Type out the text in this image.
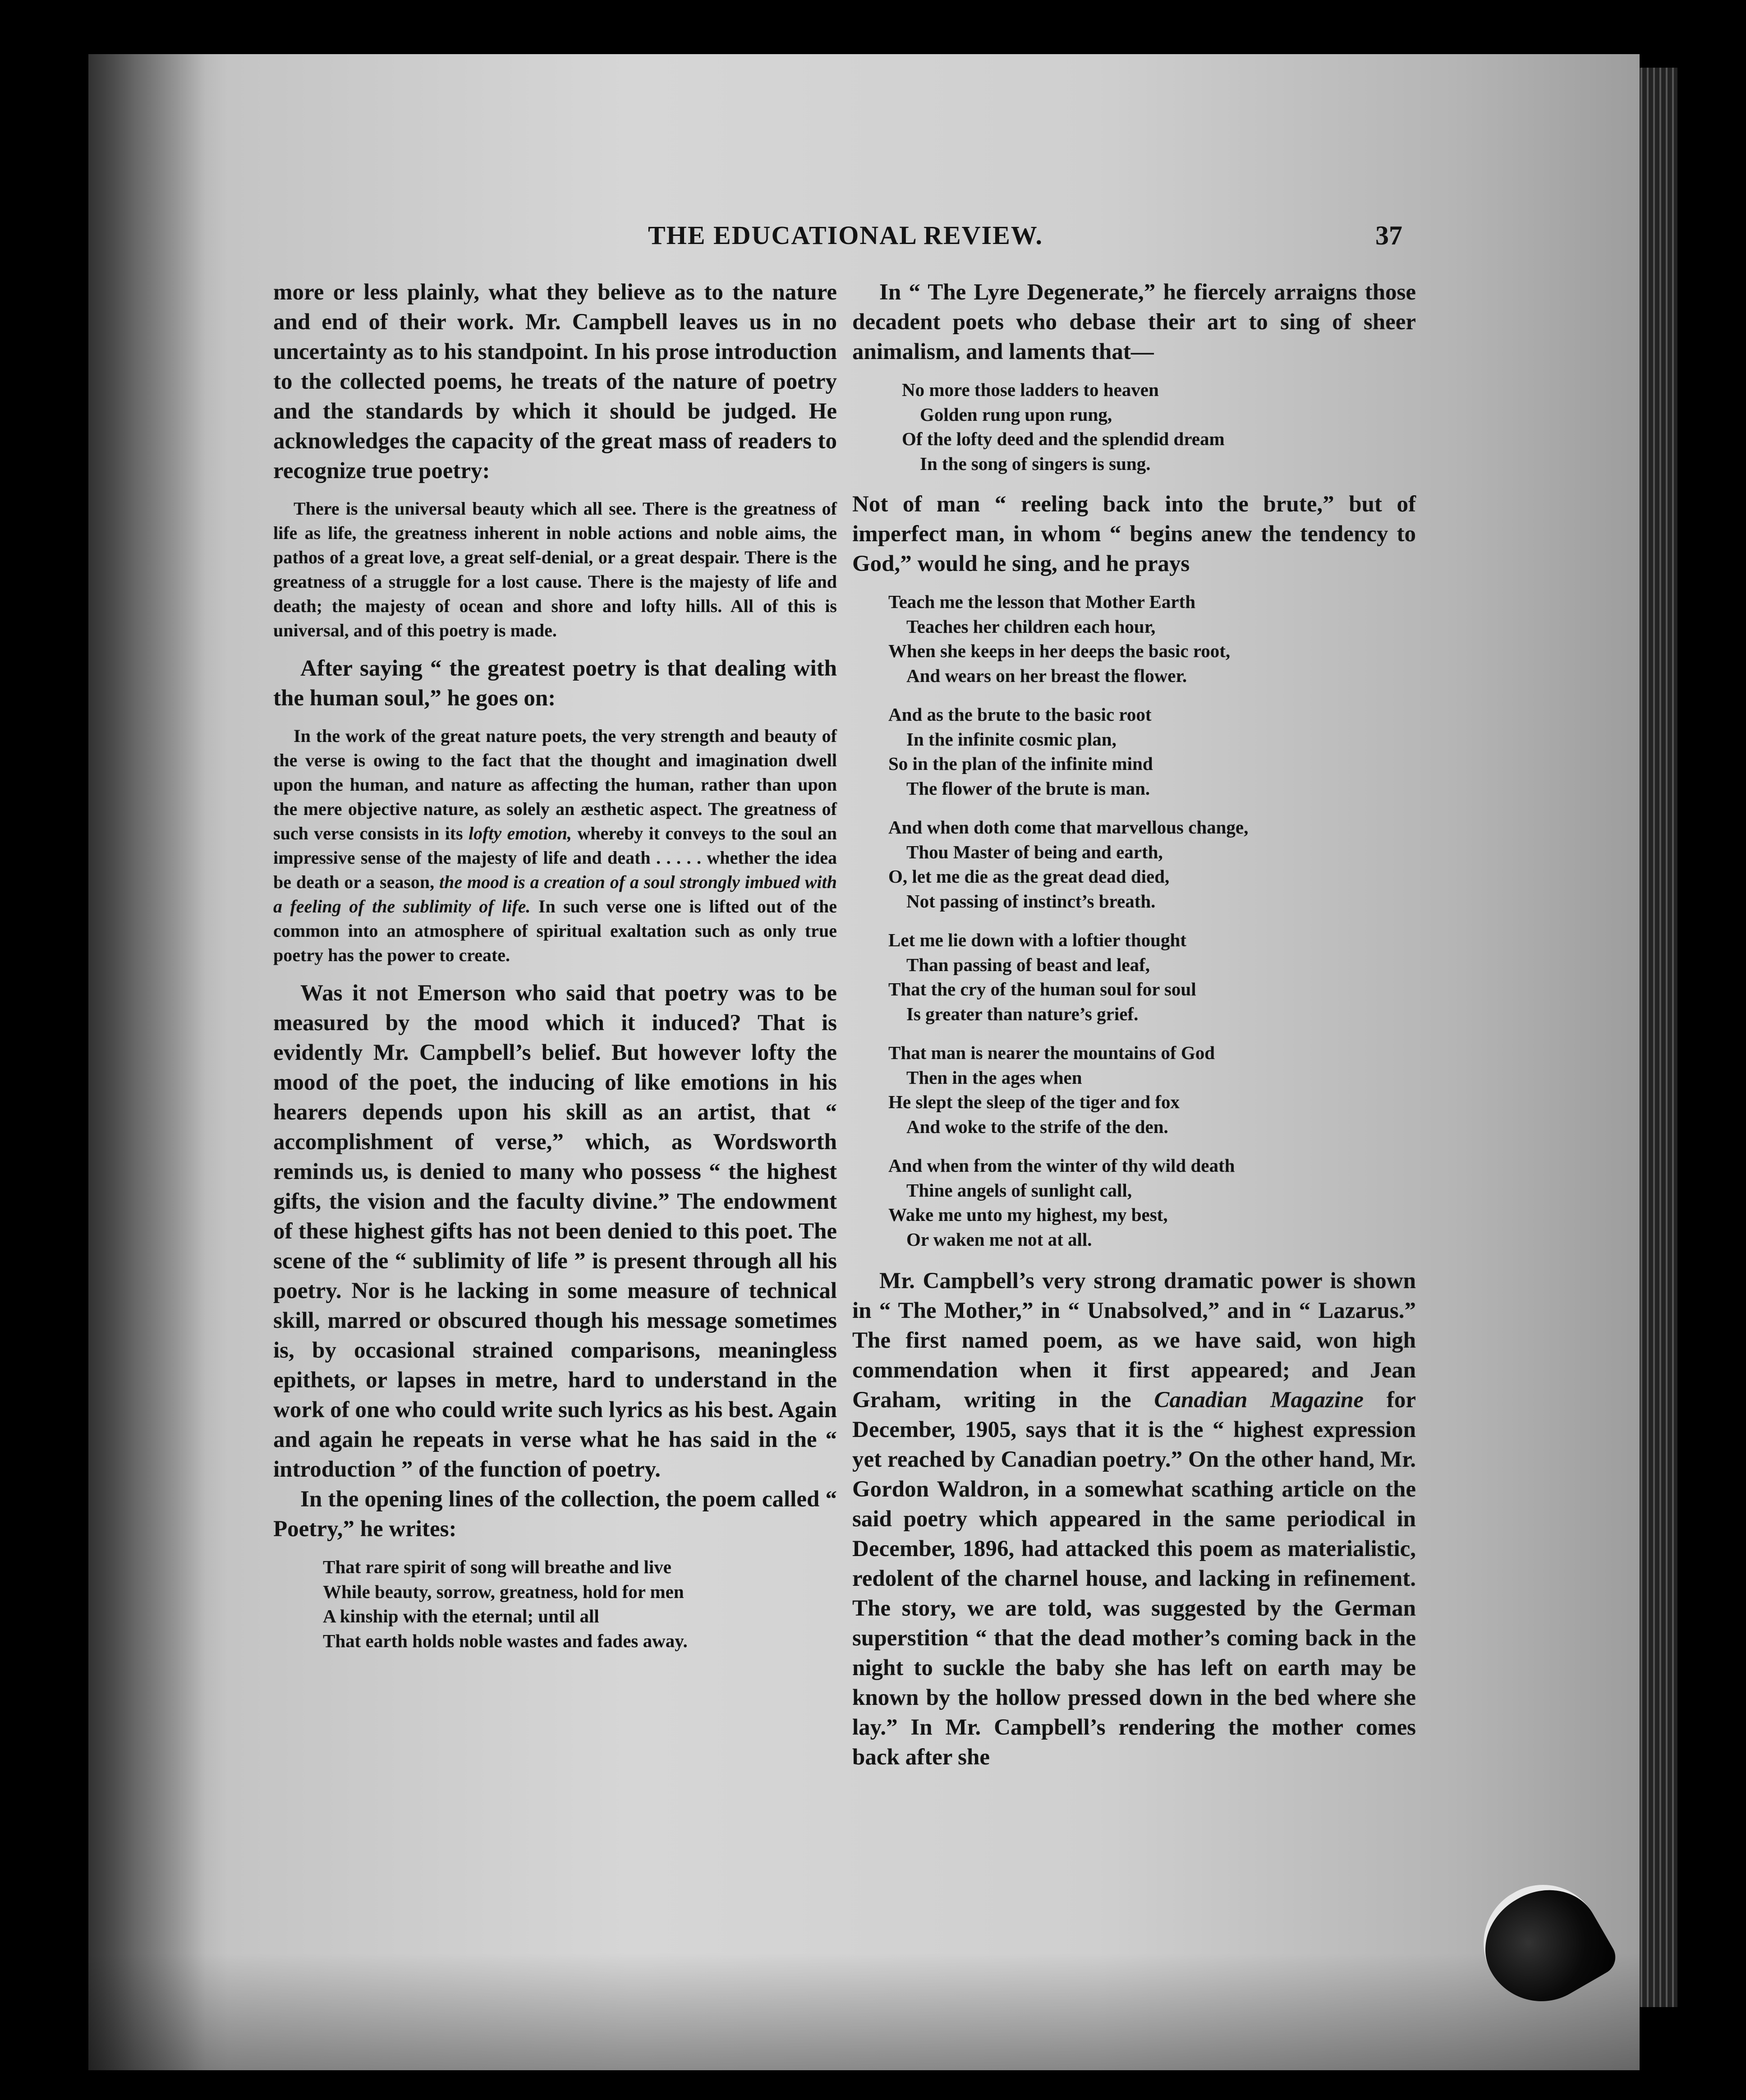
THE EDUCATIONAL REVIEW.	37

more or less plainly, what they believe as to the nature and end of their work. Mr. Campbell leaves us in no uncertainty as to his standpoint. In his prose introduction to the collected poems, he treats of the nature of poetry and the standards by which it should be judged. He acknowledges the capacity of the great mass of readers to recognize true poetry:

There is the universal beauty which all see. There is the greatness of life as life, the greatness inherent in noble actions and noble aims, the pathos of a great love, a great self-denial, or a great despair. There is the greatness of a struggle for a lost cause. There is the majesty of life and death; the majesty of ocean and shore and lofty hills. All of this is universal, and of this poetry is made.

After saying “ the greatest poetry is that dealing with the human soul,” he goes on:

In the work of the great nature poets, the very strength and beauty of the verse is owing to the fact that the thought and imagination dwell upon the human, and nature as affecting the human, rather than upon the mere objective nature, as solely an æsthetic aspect. The greatness of such verse consists in its lofty emotion, whereby it conveys to the soul an impressive sense of the majesty of life and death . . . . . whether the idea be death or a season, the mood is a creation of a soul strongly imbued with a feeling of the sublimity of life. In such verse one is lifted out of the common into an atmosphere of spiritual exaltation such as only true poetry has the power to create.

Was it not Emerson who said that poetry was to be measured by the mood which it induced? That is evidently Mr. Campbell’s belief. But however lofty the mood of the poet, the inducing of like emotions in his hearers depends upon his skill as an artist, that “ accomplishment of verse,” which, as Wordsworth reminds us, is denied to many who possess “ the highest gifts, the vision and the faculty divine.” The endowment of these highest gifts has not been denied to this poet. The scene of the “ sublimity of life ” is present through all his poetry. Nor is he lacking in some measure of technical skill, marred or obscured though his message sometimes is, by occasional strained comparisons, meaningless epithets, or lapses in metre, hard to understand in the work of one who could write such lyrics as his best. Again and again he repeats in verse what he has said in the “ introduction ” of the function of poetry.

In the opening lines of the collection, the poem called “ Poetry,” he writes:

That rare spirit of song will breathe and live
While beauty, sorrow, greatness, hold for men
A kinship with the eternal; until all
That earth holds noble wastes and fades away.

In “ The Lyre Degenerate,” he fiercely arraigns those decadent poets who debase their art to sing of sheer animalism, and laments that—

No more those ladders to heaven
Golden rung upon rung,
Of the lofty deed and the splendid dream
In the song of singers is sung.

Not of man “ reeling back into the brute,” but of imperfect man, in whom “ begins anew the tendency to God,” would he sing, and he prays

Teach me the lesson that Mother Earth
Teaches her children each hour,
When she keeps in her deeps the basic root,
And wears on her breast the flower.
And as the brute to the basic root
In the infinite cosmic plan,
So in the plan of the infinite mind
The flower of the brute is man.
And when doth come that marvellous change,
Thou Master of being and earth,
O, let me die as the great dead died,
Not passing of instinct’s breath.
Let me lie down with a loftier thought
Than passing of beast and leaf,
That the cry of the human soul for soul
Is greater than nature’s grief.
That man is nearer the mountains of God
Then in the ages when
He slept the sleep of the tiger and fox
And woke to the strife of the den.
And when from the winter of thy wild death
Thine angels of sunlight call,
Wake me unto my highest, my best,
Or waken me not at all.

Mr. Campbell’s very strong dramatic power is shown in “ The Mother,” in “ Unabsolved,” and in “ Lazarus.” The first named poem, as we have said, won high commendation when it first appeared; and Jean Graham, writing in the Canadian Magazine for December, 1905, says that it is the “ highest expression yet reached by Canadian poetry.” On the other hand, Mr. Gordon Waldron, in a somewhat scathing article on the said poetry which appeared in the same periodical in December, 1896, had attacked this poem as materialistic, redolent of the charnel house, and lacking in refinement. The story, we are told, was suggested by the German superstition “ that the dead mother’s coming back in the night to suckle the baby she has left on earth may be known by the hollow pressed down in the bed where she lay.” In Mr. Campbell’s rendering the mother comes back after she
